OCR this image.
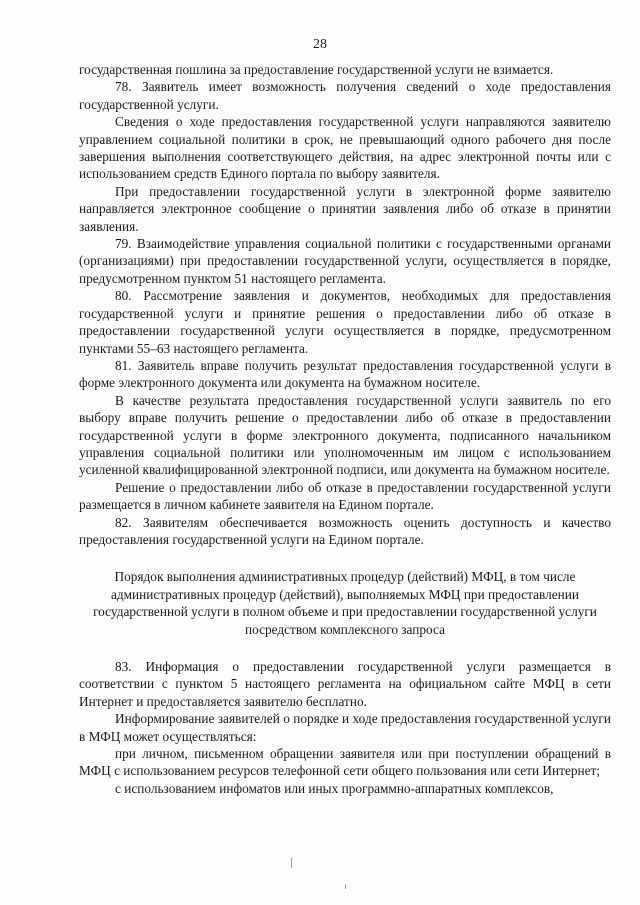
28

государственная пошлина за предоставление государственной услуги не взимается.

78. Заявитель имеет возможность получения сведений о ходе предоставления государственной услуги.

Сведения о ходе предоставления государственной услуги направляются заявителю управлением социальной политики в срок, не превышающий одного рабочего дня после завершения выполнения соответствующего действия, на адрес электронной почты или с использованием средств Единого портала по выбору заявителя.

При предоставлении государственной услуги в электронной форме заявителю направляется электронное сообщение о принятии заявления либо об отказе в принятии заявления.

79. Взаимодействие управления социальной политики с государственными органами (организациями) при предоставлении государственной услуги, осуществляется в порядке, предусмотренном пунктом 51 настоящего регламента.

80. Рассмотрение заявления и документов, необходимых для предоставления государственной услуги и принятие решения о предоставлении либо об отказе в предоставлении государственной услуги осуществляется в порядке, предусмотренном пунктами 55–63 настоящего регламента.

81. Заявитель вправе получить результат предоставления государственной услуги в форме электронного документа или документа на бумажном носителе.

В качестве результата предоставления государственной услуги заявитель по его выбору вправе получить решение о предоставлении либо об отказе в предоставлении государственной услуги в форме электронного документа, подписанного начальником управления социальной политики или уполномоченным им лицом с использованием усиленной квалифицированной электронной подписи, или документа на бумажном носителе.

Решение о предоставлении либо об отказе в предоставлении государственной услуги размещается в личном кабинете заявителя на Едином портале.

82. Заявителям обеспечивается возможность оценить доступность и качество предоставления государственной услуги на Едином портале.

Порядок выполнения административных процедур (действий) МФЦ, в том числе административных процедур (действий), выполняемых МФЦ при предоставлении государственной услуги в полном объеме и при предоставлении государственной услуги посредством комплексного запроса

83. Информация о предоставлении государственной услуги размещается в соответствии с пунктом 5 настоящего регламента на официальном сайте МФЦ в сети Интернет и предоставляется заявителю бесплатно.

Информирование заявителей о порядке и ходе предоставления государственной услуги в МФЦ может осуществляться:

при личном, письменном обращении заявителя или при поступлении обращений в МФЦ с использованием ресурсов телефонной сети общего пользования или сети Интернет;

с использованием инфоматов или иных программно-аппаратных комплексов,
